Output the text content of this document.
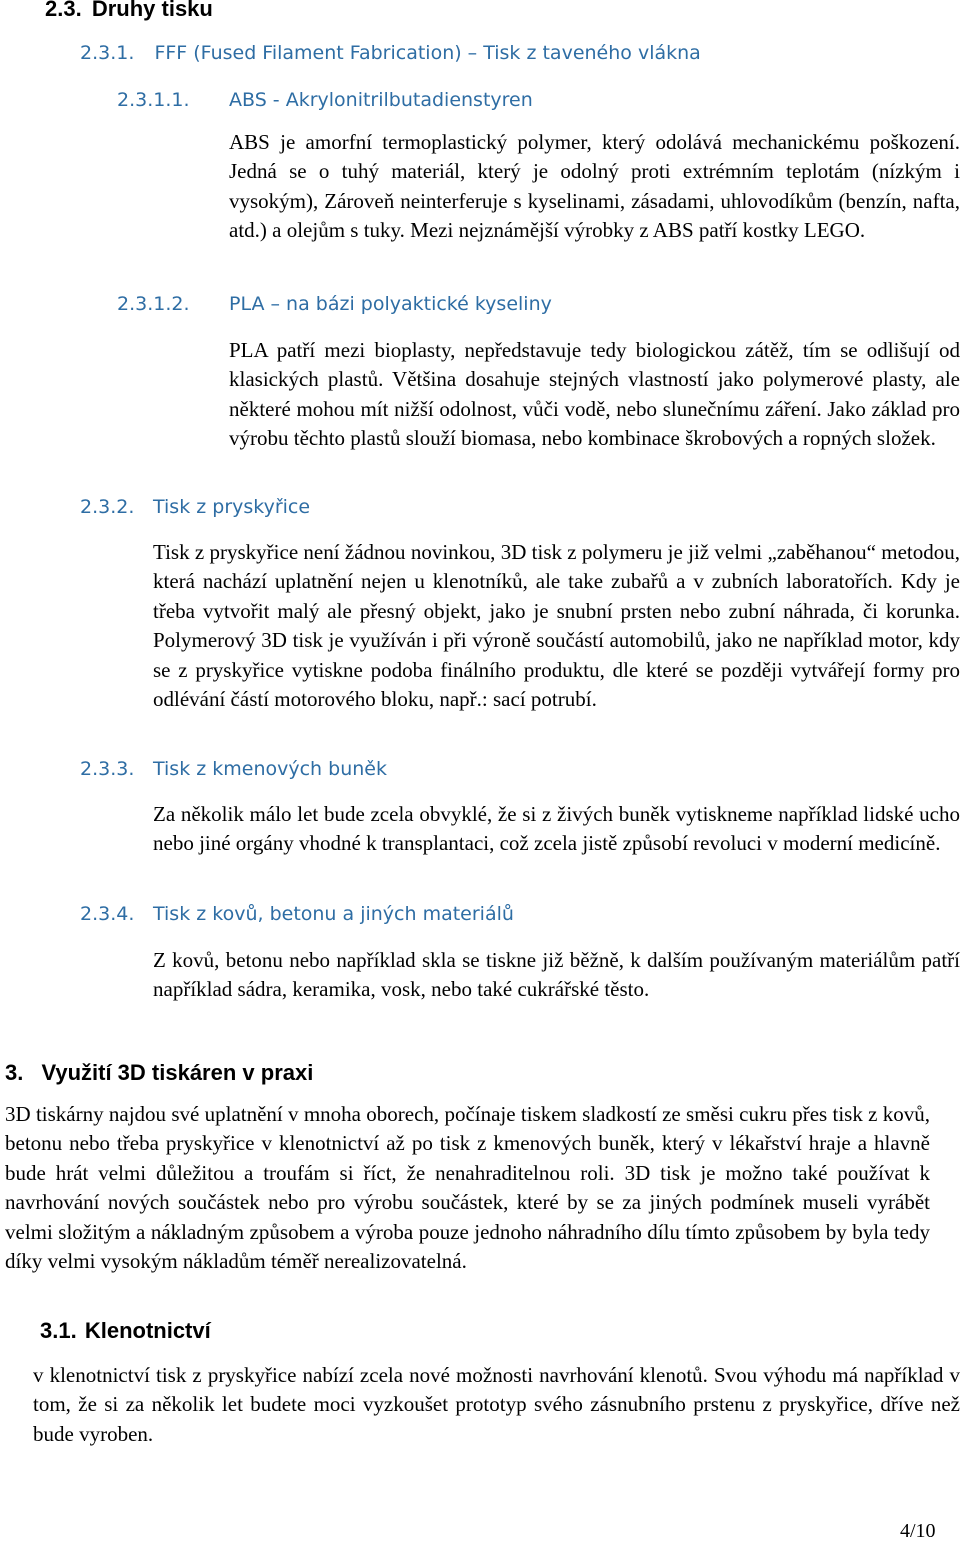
2.3. Druhy tisku
2.3.1. FFF (Fused Filament Fabrication) – Tisk z taveného vlákna
2.3.1.1. ABS - Akrylonitrilbutadienstyren
ABS je amorfní termoplastický polymer, který odolává mechanickému poškození. Jedná se o tuhý materiál, který je odolný proti extrémním teplotám (nízkým i vysokým), Zároveň neinterferuje s kyselinami, zásadami, uhlovodíkům (benzín, nafta, atd.) a olejům s tuky. Mezi nejznámější výrobky z ABS patří kostky LEGO.
2.3.1.2. PLA – na bázi polyaktické kyseliny
PLA patří mezi bioplasty, nepředstavuje tedy biologickou zátěž, tím se odlišují od klasických plastů. Většina dosahuje stejných vlastností jako polymerové plasty, ale některé mohou mít nižší odolnost, vůči vodě, nebo slunečnímu záření. Jako základ pro výrobu těchto plastů slouží biomasa, nebo kombinace škrobových a ropných složek.
2.3.2. Tisk z pryskyřice
Tisk z pryskyřice není žádnou novinkou, 3D tisk z polymeru je již velmi „zaběhanou“ metodou, která nachází uplatnění nejen u klenotníků, ale take zubařů a v zubních laboratořích. Kdy je třeba vytvořit malý ale přesný objekt, jako je snubní prsten nebo zubní náhrada, či korunka. Polymerový 3D tisk je využíván i při výroně součástí automobilů, jako ne například motor, kdy se z pryskyřice vytiskne podoba finálního produktu, dle které se později vytvářejí formy pro odlévání částí motorového bloku, např.: sací potrubí.
2.3.3. Tisk z kmenových buněk
Za několik málo let bude zcela obvyklé, že si z živých buněk vytiskneme například lidské ucho nebo jiné orgány vhodné k transplantaci, což zcela jistě způsobí revoluci v moderní medicíně.
2.3.4. Tisk z kovů, betonu a jiných materiálů
Z kovů, betonu nebo například skla se tiskne již běžně, k dalším používaným materiálům patří například sádra, keramika, vosk, nebo také cukrářské těsto.
3. Využití 3D tiskáren v praxi
3D tiskárny najdou své uplatnění v mnoha oborech, počínaje tiskem sladkostí ze směsi cukru přes tisk z kovů, betonu nebo třeba pryskyřice v klenotnictví až po tisk z kmenových buněk, který v lékařství hraje a hlavně bude hrát velmi důležitou a troufám si říct, že nenahraditelnou roli. 3D tisk je možno také používat k navrhování nových součástek nebo pro výrobu součástek, které by se za jiných podmínek museli vyrábět velmi složitým a nákladným způsobem a výroba pouze jednoho náhradního dílu tímto způsobem by byla tedy díky velmi vysokým nákladům téměř nerealizovatelná.
3.1. Klenotnictví
v klenotnictví tisk z pryskyřice nabízí zcela nové možnosti navrhování klenotů. Svou výhodu má například v tom, že si za několik let budete moci vyzkoušet prototyp svého zásnubního prstenu z pryskyřice, dříve než bude vyroben.
4/10
